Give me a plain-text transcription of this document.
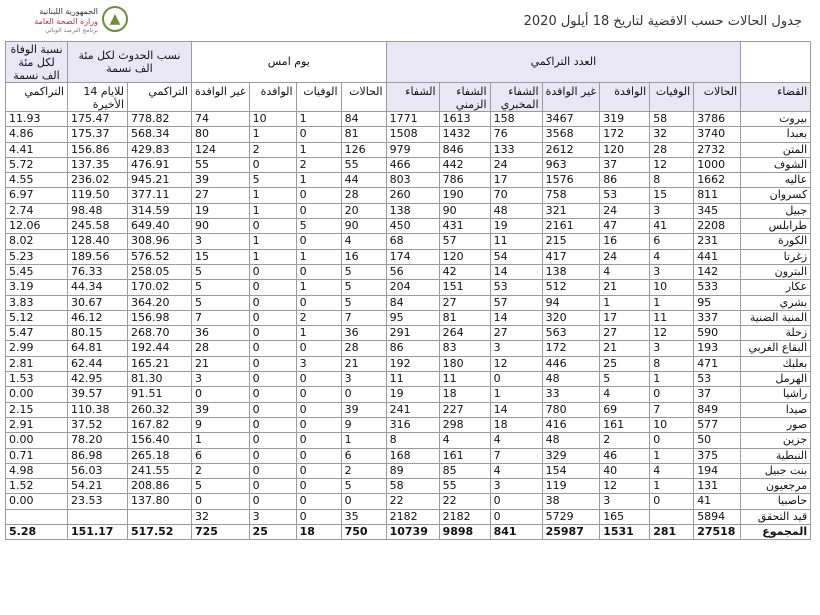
▲
الجمهورية اللبنانية
وزارة الصحة العامة
برنامج الترصد الوبائي
جدول الحالات حسب الاقضية لتاريخ 18 أيلول 2020
	العدد التراكمي							يوم امس				نسب الحدوث لكل مئة الف نسمة		نسبة الوفاة لكل مئة الف نسمة
القضاء	الحالات	الوفيات	الوافدة	غير الوافدة	الشفاء المخبري	الشفاء الزمني	الشفاء	الحالات	الوفيات	الوافدة	غير الوافدة	التراكمي	للايام 14 الأخيرة	التراكمي
بيروت	3786	58	319	3467	158	1613	1771	84	1	10	74	778.82	175.47	11.93
بعبدا	3740	32	172	3568	76	1432	1508	81	0	1	80	568.34	175.37	4.86
المتن	2732	28	120	2612	133	846	979	126	1	2	124	429.83	156.86	4.41
الشوف	1000	12	37	963	24	442	466	55	2	0	55	476.91	137.35	5.72
عاليه	1662	8	86	1576	17	786	803	44	1	5	39	945.21	236.02	4.55
كسروان	811	15	53	758	70	190	260	28	0	1	27	377.11	119.50	6.97
جبيل	345	3	24	321	48	90	138	20	0	1	19	314.59	98.48	2.74
طرابلس	2208	41	47	2161	19	431	450	90	5	0	90	649.40	245.58	12.06
الكورة	231	6	16	215	11	57	68	4	0	1	3	308.96	128.40	8.02
زغرتا	441	4	24	417	54	120	174	16	1	1	15	576.52	189.56	5.23
البترون	142	3	4	138	14	42	56	5	0	0	5	258.05	76.33	5.45
عكار	533	10	21	512	53	151	204	5	1	0	5	170.02	44.34	3.19
بشري	95	1	1	94	57	27	84	5	0	0	5	364.20	30.67	3.83
المنية الضنية	337	11	17	320	14	81	95	7	2	0	7	156.98	46.12	5.12
زحلة	590	12	27	563	27	264	291	36	1	0	36	268.70	80.15	5.47
البقاع الغربي	193	3	21	172	3	83	86	28	0	0	28	192.44	64.81	2.99
بعلبك	471	8	25	446	12	180	192	21	3	0	21	165.21	62.44	2.81
الهرمل	53	1	5	48	0	11	11	3	0	0	3	81.30	42.95	1.53
راشيا	37	0	4	33	1	18	19	0	0	0	0	91.51	39.57	0.00
صيدا	849	7	69	780	14	227	241	39	0	0	39	260.32	110.38	2.15
صور	577	10	161	416	18	298	316	9	0	0	9	167.82	37.52	2.91
جزين	50	0	2	48	4	4	8	1	0	0	1	156.40	78.20	0.00
النبطية	375	1	46	329	7	161	168	6	0	0	6	265.18	86.98	0.71
بنت جبيل	194	4	40	154	4	85	89	2	0	0	2	241.55	56.03	4.98
مرجعيون	131	1	12	119	3	55	58	5	0	0	5	208.86	54.21	1.52
حاصبيا	41	0	3	38	0	22	22	0	0	0	0	137.80	23.53	0.00
قيد التحقق	5894		165	5729	0	2182	2182	35	0	3	32			
المجموع	27518	281	1531	25987	841	9898	10739	750	18	25	725	517.52	151.17	5.28
